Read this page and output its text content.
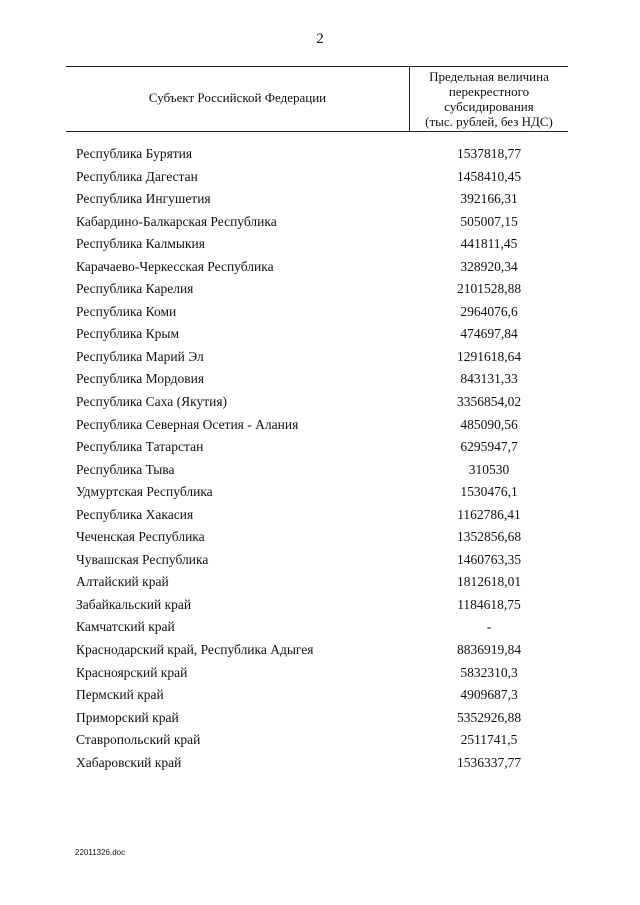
2
Субъект Российской Федерации
Предельная величина
перекрестного
субсидирования
(тыс. рублей, без НДС)
Республика Бурятия	1537818,77
Республика Дагестан	1458410,45
Республика Ингушетия	392166,31
Кабардино-Балкарская Республика	505007,15
Республика Калмыкия	441811,45
Карачаево-Черкесская Республика	328920,34
Республика Карелия	2101528,88
Республика Коми	2964076,6
Республика Крым	474697,84
Республика Марий Эл	1291618,64
Республика Мордовия	843131,33
Республика Саха (Якутия)	3356854,02
Республика Северная Осетия - Алания	485090,56
Республика Татарстан	6295947,7
Республика Тыва	310530
Удмуртская Республика	1530476,1
Республика Хакасия	1162786,41
Чеченская Республика	1352856,68
Чувашская Республика	1460763,35
Алтайский край	1812618,01
Забайкальский край	1184618,75
Камчатский край	-
Краснодарский край, Республика Адыгея	8836919,84
Красноярский край	5832310,3
Пермский край	4909687,3
Приморский край	5352926,88
Ставропольский край	2511741,5
Хабаровский край	1536337,77
22011326.doc
